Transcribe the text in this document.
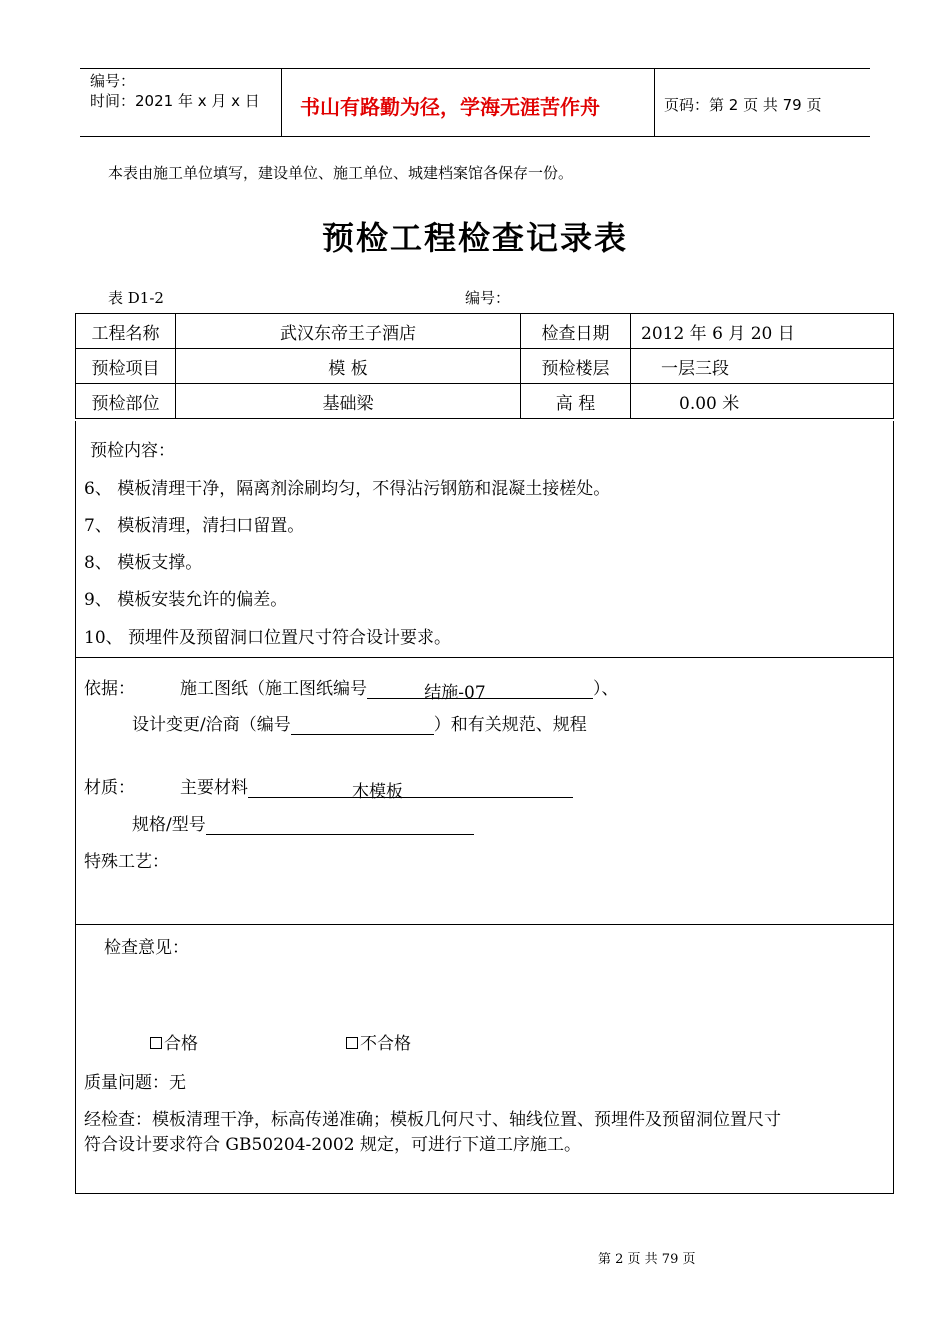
编号：
时间：2021 年 x 月 x 日 书山有路勤为径，学海无涯苦作舟	页码：第 2 页 共 79 页
本表由施工单位填写，建设单位、施工单位、城建档案馆各保存一份。
预检工程检查记录表
表 D1-2	编号：
工程名称	武汉东帝王子酒店	检查日期	2012 年 6 月 20 日
预检项目	模 板	预检楼层	一层三段
预检部位	基础梁	高 程	0.00 米
预检内容：
6、 模板清理干净，隔离剂涂刷均匀，不得沾污钢筋和混凝土接槎处。
7、 模板清理，清扫口留置。
8、 模板支撑。
9、 模板安装允许的偏差。
10、 预埋件及预留洞口位置尺寸符合设计要求。
依据：	施工图纸（施工图纸编号	结施-07	）、
设计变更/洽商（编号	）和有关规范、规程
材质：	主要材料	木模板
规格/型号
特殊工艺：
检查意见：
合格	不合格
质量问题：无
经检查：模板清理干净，标高传递准确；模板几何尺寸、轴线位置、预埋件及预留洞位置尺寸
符合设计要求符合 GB50204-2002 规定，可进行下道工序施工。
第 2 页 共 79 页
